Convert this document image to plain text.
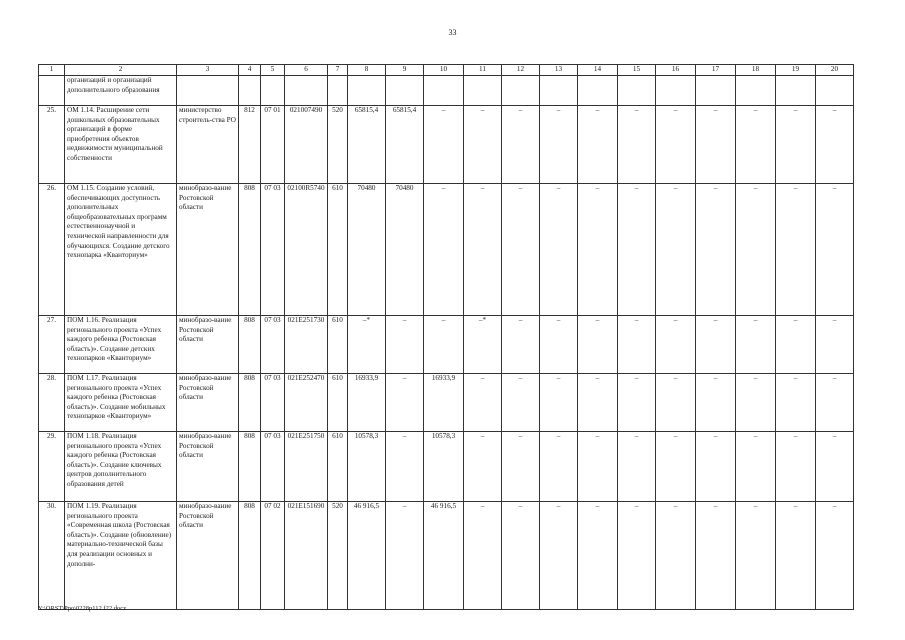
33
1	2	3	4	5	6	7	8	9	10	11	12	13	14	15	16	17	18	19	20
	организаций и организаций дополнительного образования																		
25.	ОМ 1.14. Расширение сети дошкольных образовательных организаций в форме приобретения объектов недвижимости муниципальной собственности	министерство строитель-ства РО	812	07 01	021007490	520	65815,4	65815,4	–	–	–	–	–	–	–	–	–	–	–
26.	ОМ 1.15. Создание условий, обеспечивающих доступность дополнительных общеобразовательных программ естественнонаучной и технической направленности для обучающихся. Создание детского технопарка «Кванториум»	минобразо-вание Ростовской области	808	07 03	02100R5740	610	70480	70480	–	–	–	–	–	–	–	–	–	–	–
27.	ПОМ 1.16. Реализация регионального проекта «Успех каждого ребенка (Ростовская область)». Создание детских технопарков «Кванториум»	минобразо-вание Ростовской области	808	07 03	021E251730	610	–*	–	–	–*	–	–	–	–	–	–	–	–	–
28.	ПОМ 1.17. Реализация регионального проекта «Успех каждого ребенка (Ростовская область)». Создание мобильных технопарков «Кванториум»	минобразо-вание Ростовской области	808	07 03	021E252470	610	16933,9	–	16933,9	–	–	–	–	–	–	–	–	–	–
29.	ПОМ 1.18. Реализация регионального проекта «Успех каждого ребенка (Ростовская область)». Создание ключевых центров дополнительного образования детей	минобразо-вание Ростовской области	808	07 03	021E251750	610	10578,3	–	10578,3	–	–	–	–	–	–	–	–	–	–
30.	ПОМ 1.19. Реализация регионального проекта «Современная школа (Ростовская область)». Создание (обновление) материально-технической базы для реализации основных и дополни-	минобразо-вание Ростовской области	808	07 02	021E151690	520	46 916,5	–	46 916,5	–	–	–	–	–	–	–	–	–	–
Y:\ORST\Ppo\0228p112.f22.docx
